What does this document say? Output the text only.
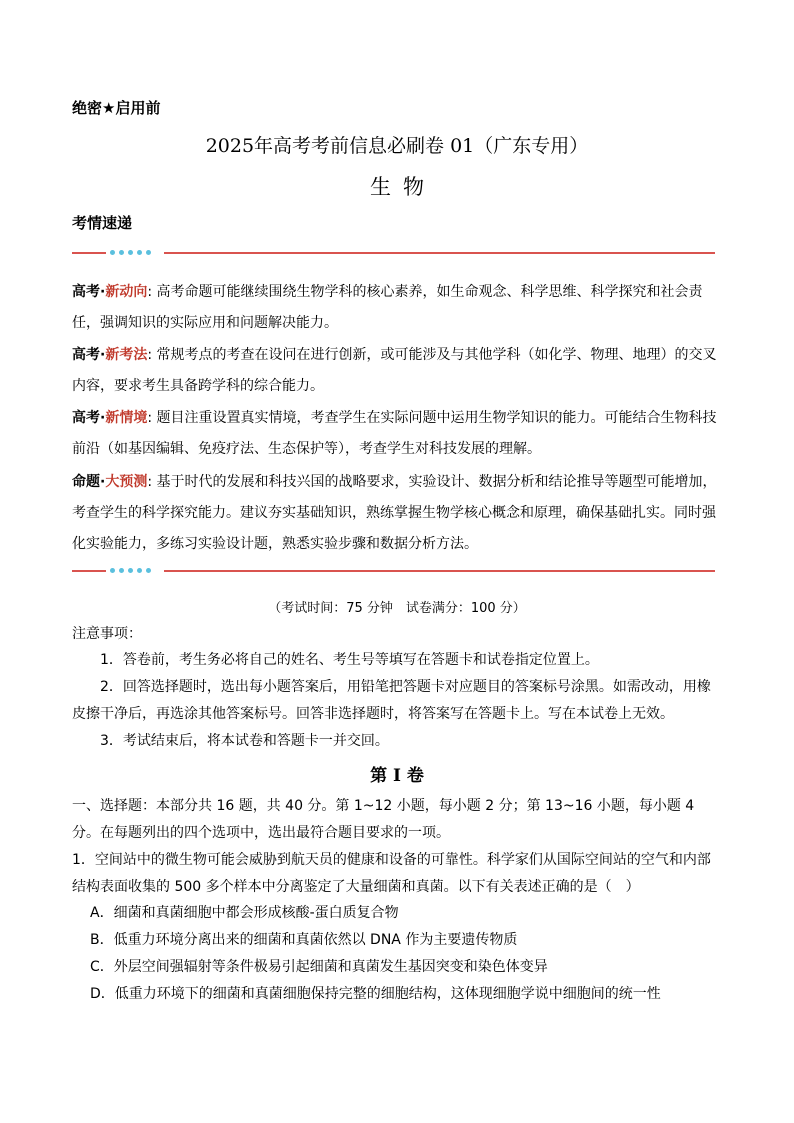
绝密★启用前
2025年高考考前信息必刷卷 01（广东专用）
生物
考情速递
高考·新动向: 高考命题可能继续围绕生物学科的核心素养，如生命观念、科学思维、科学探究和社会责任，强调知识的实际应用和问题解决能力。
高考·新考法: 常规考点的考查在设问在进行创新，或可能涉及与其他学科（如化学、物理、地理）的交叉内容，要求考生具备跨学科的综合能力。
高考·新情境: 题目注重设置真实情境，考查学生在实际问题中运用生物学知识的能力。可能结合生物科技前沿（如基因编辑、免疫疗法、生态保护等），考查学生对科技发展的理解。
命题·大预测: 基于时代的发展和科技兴国的战略要求，实验设计、数据分析和结论推导等题型可能增加，考查学生的科学探究能力。建议夯实基础知识，熟练掌握生物学核心概念和原理，确保基础扎实。同时强化实验能力，多练习实验设计题，熟悉实验步骤和数据分析方法。
（考试时间：75 分钟　试卷满分：100 分）
注意事项：
1．答卷前，考生务必将自己的姓名、考生号等填写在答题卡和试卷指定位置上。
2．回答选择题时，选出每小题答案后，用铅笔把答题卡对应题目的答案标号涂黑。如需改动，用橡皮擦干净后，再选涂其他答案标号。回答非选择题时，将答案写在答题卡上。写在本试卷上无效。
3．考试结束后，将本试卷和答题卡一并交回。
第 I 卷
一、选择题：本部分共 16 题，共 40 分。第 1~12 小题，每小题 2 分；第 13~16 小题，每小题 4 分。在每题列出的四个选项中，选出最符合题目要求的一项。
1．空间站中的微生物可能会威胁到航天员的健康和设备的可靠性。科学家们从国际空间站的空气和内部结构表面收集的 500 多个样本中分离鉴定了大量细菌和真菌。以下有关表述正确的是（　）
A．细菌和真菌细胞中都会形成核酸-蛋白质复合物
B．低重力环境分离出来的细菌和真菌依然以 DNA 作为主要遗传物质
C．外层空间强辐射等条件极易引起细菌和真菌发生基因突变和染色体变异
D．低重力环境下的细菌和真菌细胞保持完整的细胞结构，这体现细胞学说中细胞间的统一性
